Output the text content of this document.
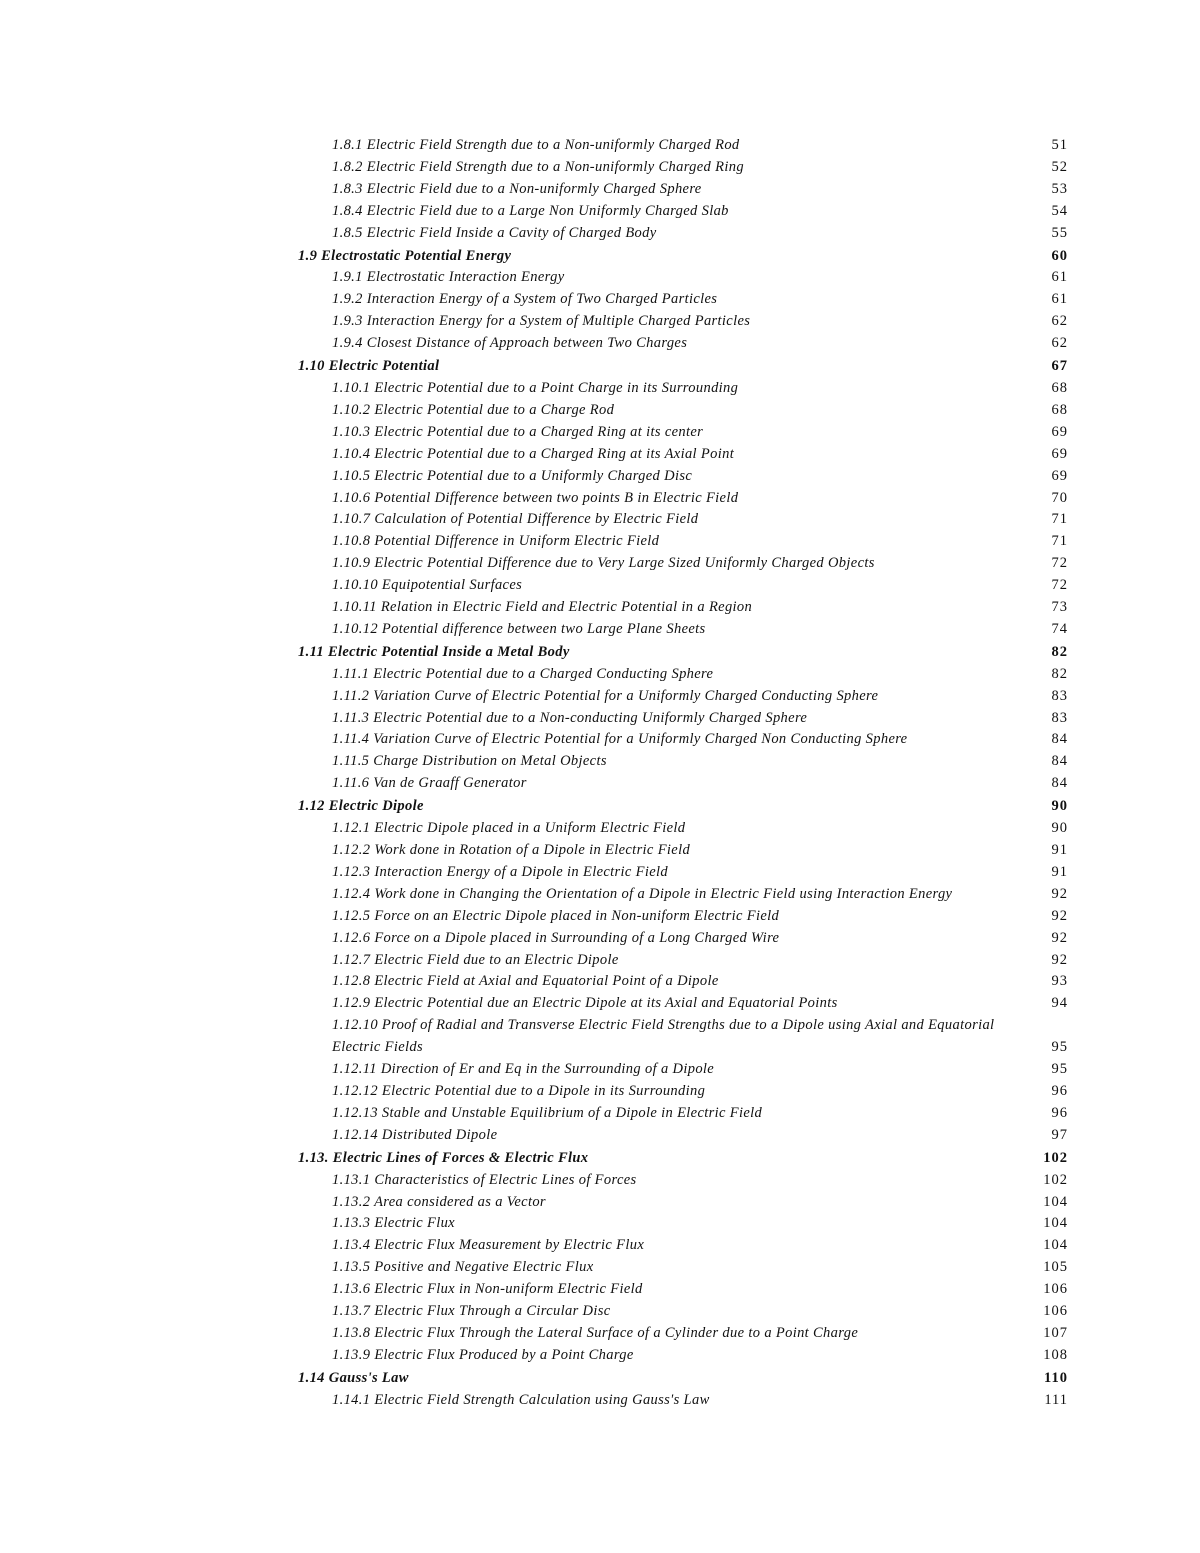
1.8.1 Electric Field Strength due to a Non-uniformly Charged Rod	51
1.8.2 Electric Field Strength due to a Non-uniformly Charged Ring	52
1.8.3 Electric Field due to a Non-uniformly Charged Sphere	53
1.8.4 Electric Field due to a Large Non Uniformly Charged Slab	54
1.8.5 Electric Field Inside a Cavity of Charged Body	55
1.9 Electrostatic Potential Energy	60
1.9.1 Electrostatic Interaction Energy	61
1.9.2 Interaction Energy of a System of Two Charged Particles	61
1.9.3 Interaction Energy for a System of Multiple Charged Particles	62
1.9.4 Closest Distance of Approach between Two Charges	62
1.10 Electric Potential	67
1.10.1 Electric Potential due to a Point Charge in its Surrounding	68
1.10.2 Electric Potential due to a Charge Rod	68
1.10.3 Electric Potential due to a Charged Ring at its center	69
1.10.4 Electric Potential due to a Charged Ring at its Axial Point	69
1.10.5 Electric Potential due to a Uniformly Charged Disc	69
1.10.6 Potential Difference between two points B in Electric Field	70
1.10.7 Calculation of Potential Difference by Electric Field	71
1.10.8 Potential Difference in Uniform Electric Field	71
1.10.9 Electric Potential Difference due to Very Large Sized Uniformly Charged Objects	72
1.10.10 Equipotential Surfaces	72
1.10.11 Relation in Electric Field and Electric Potential in a Region	73
1.10.12 Potential difference between two Large Plane Sheets	74
1.11 Electric Potential Inside a Metal Body	82
1.11.1 Electric Potential due to a Charged Conducting Sphere	82
1.11.2 Variation Curve of Electric Potential for a Uniformly Charged Conducting Sphere	83
1.11.3 Electric Potential due to a Non-conducting Uniformly Charged Sphere	83
1.11.4 Variation Curve of Electric Potential for a Uniformly Charged Non Conducting Sphere	84
1.11.5 Charge Distribution on Metal Objects	84
1.11.6 Van de Graaff Generator	84
1.12 Electric Dipole	90
1.12.1 Electric Dipole placed in a Uniform Electric Field	90
1.12.2 Work done in Rotation of a Dipole in Electric Field	91
1.12.3 Interaction Energy of a Dipole in Electric Field	91
1.12.4 Work done in Changing the Orientation of a Dipole in Electric Field using Interaction Energy	92
1.12.5 Force on an Electric Dipole placed in Non-uniform Electric Field	92
1.12.6 Force on a Dipole placed in Surrounding of a Long Charged Wire	92
1.12.7 Electric Field due to an Electric Dipole	92
1.12.8 Electric Field at Axial and Equatorial Point of a Dipole	93
1.12.9 Electric Potential due an Electric Dipole at its Axial and Equatorial Points	94
1.12.10 Proof of Radial and Transverse Electric Field Strengths due to a Dipole using Axial and Equatorial Electric Fields	95
1.12.11 Direction of Er and Eq in the Surrounding of a Dipole	95
1.12.12 Electric Potential due to a Dipole in its Surrounding	96
1.12.13 Stable and Unstable Equilibrium of a Dipole in Electric Field	96
1.12.14 Distributed Dipole	97
1.13. Electric Lines of Forces & Electric Flux	102
1.13.1 Characteristics of Electric Lines of Forces	102
1.13.2 Area considered as a Vector	104
1.13.3 Electric Flux	104
1.13.4 Electric Flux Measurement by Electric Flux	104
1.13.5 Positive and Negative Electric Flux	105
1.13.6 Electric Flux in Non-uniform Electric Field	106
1.13.7 Electric Flux Through a Circular Disc	106
1.13.8 Electric Flux Through the Lateral Surface of a Cylinder due to a Point Charge	107
1.13.9 Electric Flux Produced by a Point Charge	108
1.14 Gauss's Law	110
1.14.1 Electric Field Strength Calculation using Gauss's Law	111
